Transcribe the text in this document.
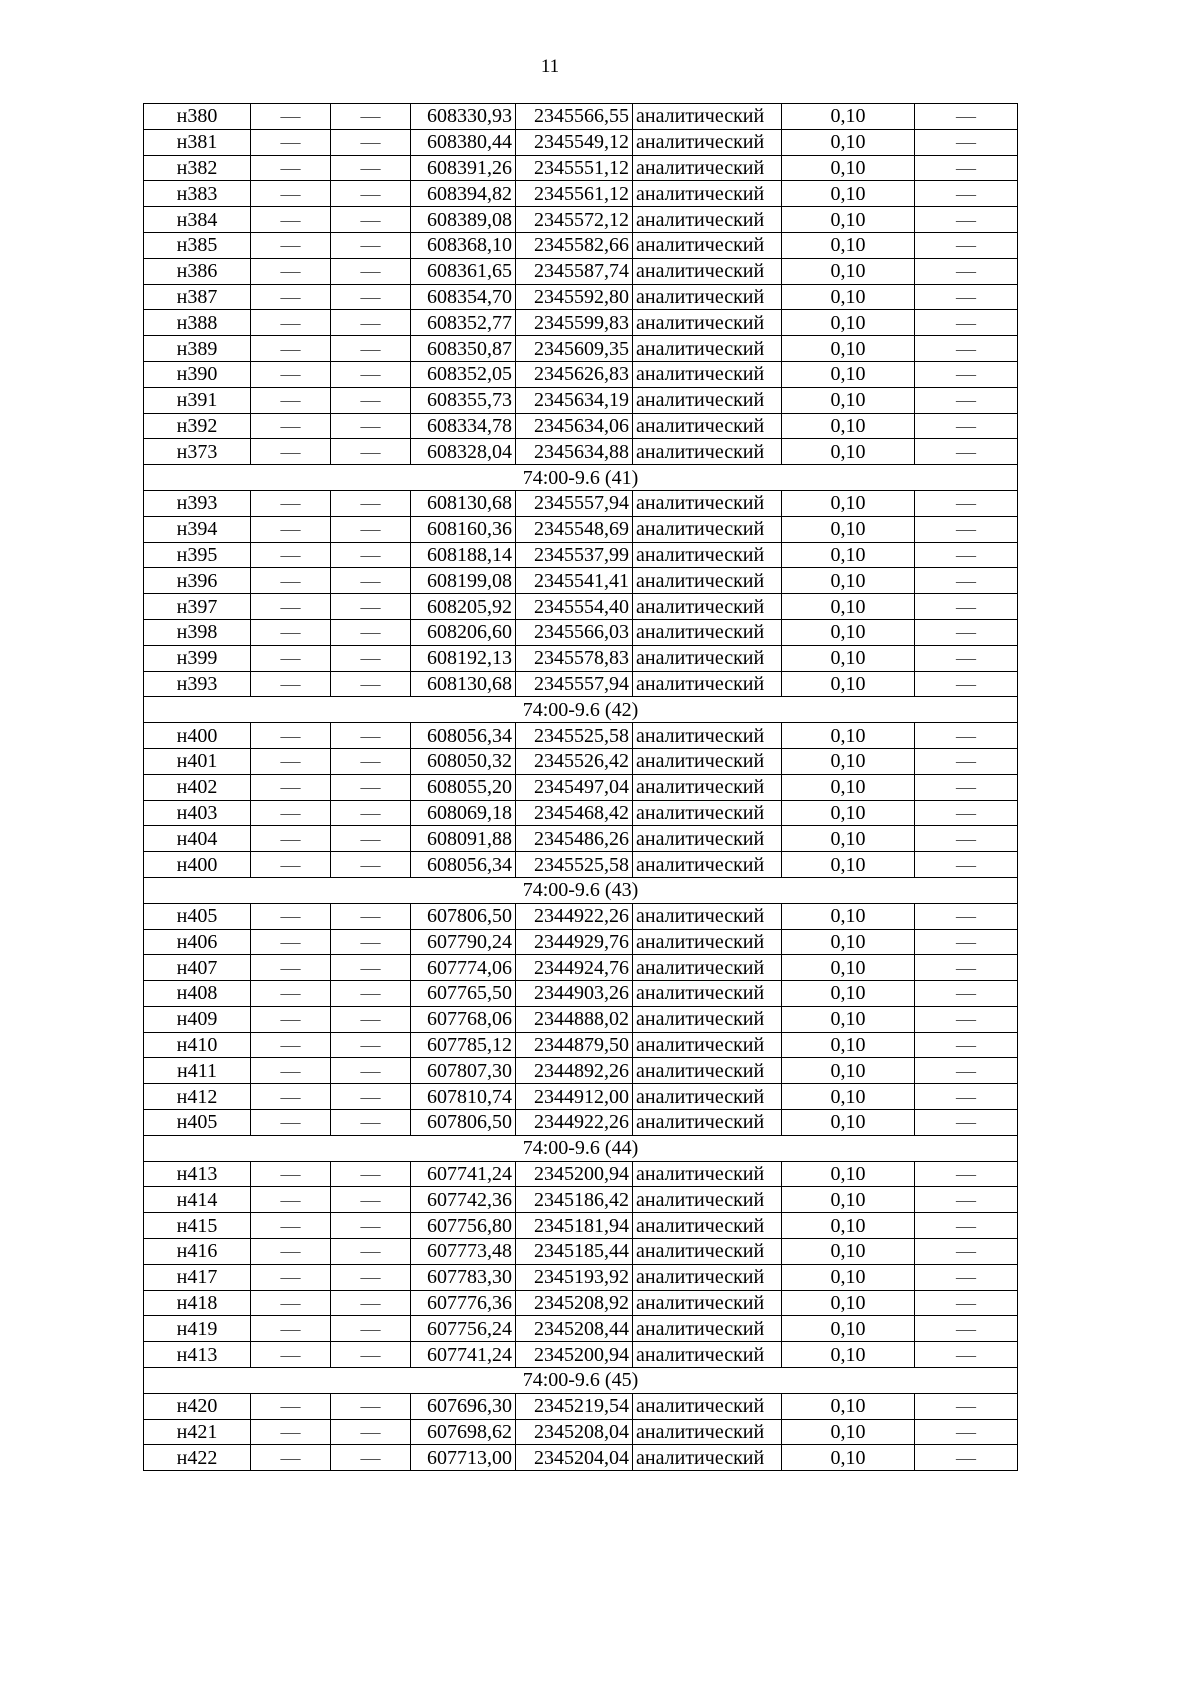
11
н380	—	—	608330,93	2345566,55	аналитический	0,10	—
н381	—	—	608380,44	2345549,12	аналитический	0,10	—
н382	—	—	608391,26	2345551,12	аналитический	0,10	—
н383	—	—	608394,82	2345561,12	аналитический	0,10	—
н384	—	—	608389,08	2345572,12	аналитический	0,10	—
н385	—	—	608368,10	2345582,66	аналитический	0,10	—
н386	—	—	608361,65	2345587,74	аналитический	0,10	—
н387	—	—	608354,70	2345592,80	аналитический	0,10	—
н388	—	—	608352,77	2345599,83	аналитический	0,10	—
н389	—	—	608350,87	2345609,35	аналитический	0,10	—
н390	—	—	608352,05	2345626,83	аналитический	0,10	—
н391	—	—	608355,73	2345634,19	аналитический	0,10	—
н392	—	—	608334,78	2345634,06	аналитический	0,10	—
н373	—	—	608328,04	2345634,88	аналитический	0,10	—
74:00-9.6 (41)							
н393	—	—	608130,68	2345557,94	аналитический	0,10	—
н394	—	—	608160,36	2345548,69	аналитический	0,10	—
н395	—	—	608188,14	2345537,99	аналитический	0,10	—
н396	—	—	608199,08	2345541,41	аналитический	0,10	—
н397	—	—	608205,92	2345554,40	аналитический	0,10	—
н398	—	—	608206,60	2345566,03	аналитический	0,10	—
н399	—	—	608192,13	2345578,83	аналитический	0,10	—
н393	—	—	608130,68	2345557,94	аналитический	0,10	—
74:00-9.6 (42)							
н400	—	—	608056,34	2345525,58	аналитический	0,10	—
н401	—	—	608050,32	2345526,42	аналитический	0,10	—
н402	—	—	608055,20	2345497,04	аналитический	0,10	—
н403	—	—	608069,18	2345468,42	аналитический	0,10	—
н404	—	—	608091,88	2345486,26	аналитический	0,10	—
н400	—	—	608056,34	2345525,58	аналитический	0,10	—
74:00-9.6 (43)							
н405	—	—	607806,50	2344922,26	аналитический	0,10	—
н406	—	—	607790,24	2344929,76	аналитический	0,10	—
н407	—	—	607774,06	2344924,76	аналитический	0,10	—
н408	—	—	607765,50	2344903,26	аналитический	0,10	—
н409	—	—	607768,06	2344888,02	аналитический	0,10	—
н410	—	—	607785,12	2344879,50	аналитический	0,10	—
н411	—	—	607807,30	2344892,26	аналитический	0,10	—
н412	—	—	607810,74	2344912,00	аналитический	0,10	—
н405	—	—	607806,50	2344922,26	аналитический	0,10	—
74:00-9.6 (44)							
н413	—	—	607741,24	2345200,94	аналитический	0,10	—
н414	—	—	607742,36	2345186,42	аналитический	0,10	—
н415	—	—	607756,80	2345181,94	аналитический	0,10	—
н416	—	—	607773,48	2345185,44	аналитический	0,10	—
н417	—	—	607783,30	2345193,92	аналитический	0,10	—
н418	—	—	607776,36	2345208,92	аналитический	0,10	—
н419	—	—	607756,24	2345208,44	аналитический	0,10	—
н413	—	—	607741,24	2345200,94	аналитический	0,10	—
74:00-9.6 (45)							
н420	—	—	607696,30	2345219,54	аналитический	0,10	—
н421	—	—	607698,62	2345208,04	аналитический	0,10	—
н422	—	—	607713,00	2345204,04	аналитический	0,10	—
